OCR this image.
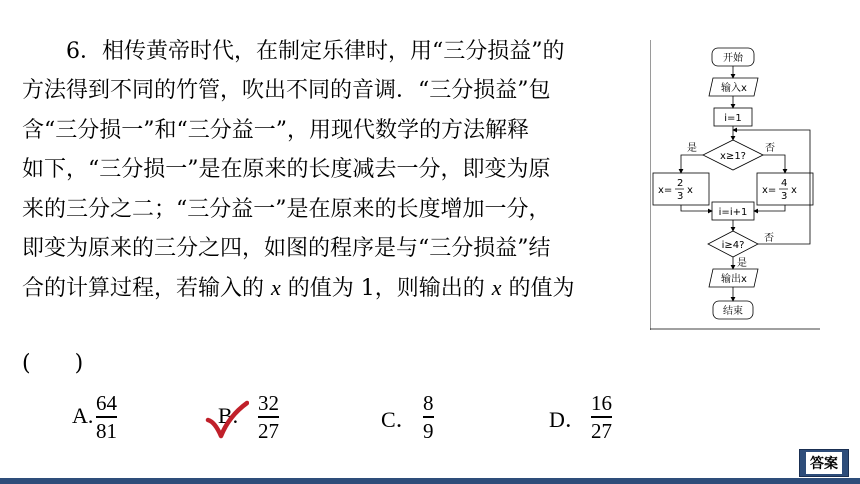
6．相传黄帝时代，在制定乐律时，用“三分损益”的
方法得到不同的竹管，吹出不同的音调．“三分损益”包
含“三分损一”和“三分益一”，用现代数学的方法解释
如下，“三分损一”是在原来的长度减去一分，即变为原
来的三分之二；“三分益一”是在原来的长度增加一分，
即变为原来的三分之四，如图的程序是与“三分损益”结
合的计算过程，若输入的 x 的值为 1，则输出的 x 的值为
(　　)
A. 64
81
B. 32
27	C．
8
9	D．
16
27
开始
输入x
i=1
x≥1?
是	否
x=
2
3
x	x=
4
3
x
i=i+1
i≥4?
否
是
输出x
结束
答案
